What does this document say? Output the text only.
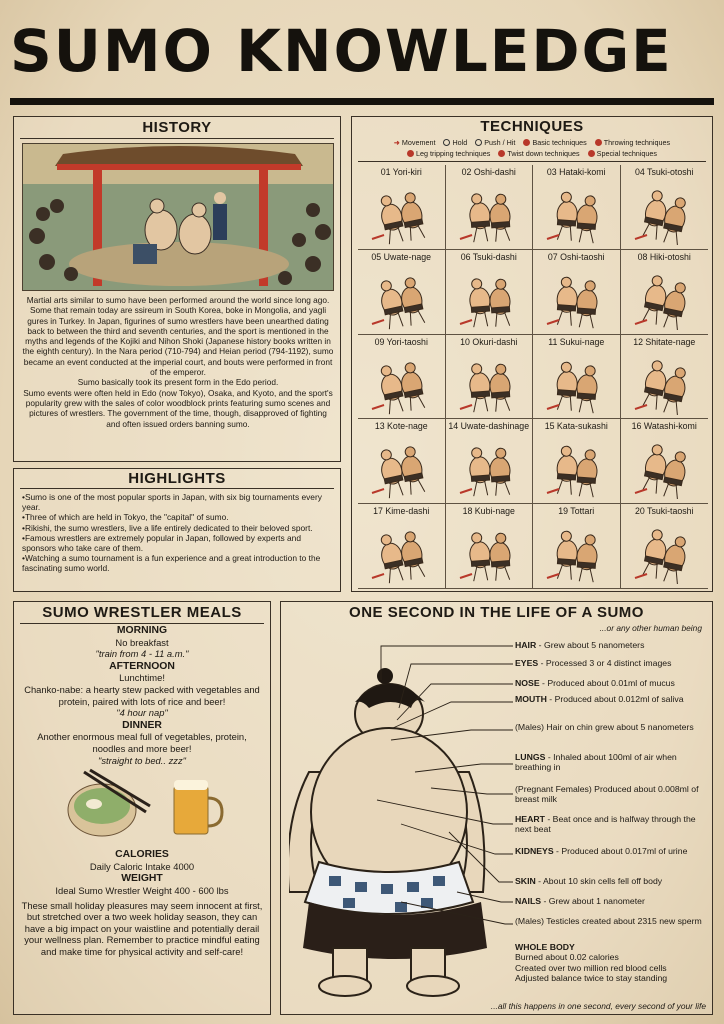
SUMO KNOWLEDGE
HISTORY

Martial arts similar to sumo have been performed around the world since long ago. Some that remain today are ssireum in South Korea, boke in Mongolia, and yagli gures in Turkey. In Japan, figurines of sumo wrestlers have been unearthed dating back to between the third and seventh centuries, and the sport is mentioned in the myths and legends of the Kojiki and Nihon Shoki (Japanese history books written in the eighth century). In the Nara period (710-794) and Heian period (794-1192), sumo became an event conducted at the imperial court, and bouts were performed in front of the emperor.

Sumo basically took its present form in the Edo period.

Sumo events were often held in Edo (now Tokyo), Osaka, and Kyoto, and the sport's popularity grew with the sales of color woodblock prints featuring sumo scenes and pictures of wrestlers. The government of the time, though, disapproved of fighting and often issued orders banning sumo.

HIGHLIGHTS
• Sumo is one of the most popular sports in Japan, with six big tournaments every year.
• Three of which are held in Tokyo, the "capital" of sumo.
• Rikishi, the sumo wrestlers, live a life entirely dedicated to their beloved sport.
• Famous wrestlers are extremely popular in Japan, followed by experts and sponsors who take care of them.
• Watching a sumo tournament is a fun experience and a great introduction to the fascinating sumo world.
TECHNIQUES
➜ Movement Hold Push / Hit Basic techniques Throwing techniques
Leg tripping techniques Twist down techniques Special techniques
01 Yori-kiri	02 Oshi-dashi	03 Hataki-komi	04 Tsuki-otoshi
05 Uwate-nage	06 Tsuki-dashi	07 Oshi-taoshi	08 Hiki-otoshi
09 Yori-taoshi	10 Okuri-dashi	11 Sukui-nage	12 Shitate-nage
13 Kote-nage	14 Uwate-dashinage	15 Kata-sukashi	16 Watashi-komi
17 Kime-dashi	18 Kubi-nage	19 Tottari	20 Tsuki-taoshi
SUMO WRESTLER MEALS
MORNING
No breakfast
"train from 4 - 11 a.m."
AFTERNOON
Lunchtime!
Chanko-nabe: a hearty stew packed with vegetables and protein, paired with lots of rice and beer!
"4 hour nap"
DINNER
Another enormous meal full of vegetables, protein, noodles and more beer!
"straight to bed.. zzz"
CALORIES
Daily Caloric Intake 4000
WEIGHT
Ideal Sumo Wrestler Weight 400 - 600 lbs
These small holiday pleasures may seem innocent at first, but stretched over a two week holiday season, they can have a big impact on your waistline and potentially derail your wellness plan. Remember to practice mindful eating and make time for physical activity and self-care!
ONE SECOND IN THE LIFE OF A SUMO
...or any other human being
HAIR - Grew about 5 nanometers
EYES - Processed 3 or 4 distinct images
NOSE - Produced about 0.01ml of mucus
MOUTH - Produced about 0.012ml of saliva
(Males) Hair on chin grew about 5 nanometers
LUNGS - Inhaled about 100ml of air when breathing in
(Pregnant Females) Produced about 0.008ml of breast milk
HEART - Beat once and is halfway through the next beat
KIDNEYS - Produced about 0.017ml of urine
SKIN - About 10 skin cells fell off body
NAILS - Grew about 1 nanometer
(Males) Testicles created about 2315 new sperm
WHOLE BODY
Burned about 0.02 calories
Created over two million red blood cells
Adjusted balance twice to stay standing
...all this happens in one second, every second of your life
